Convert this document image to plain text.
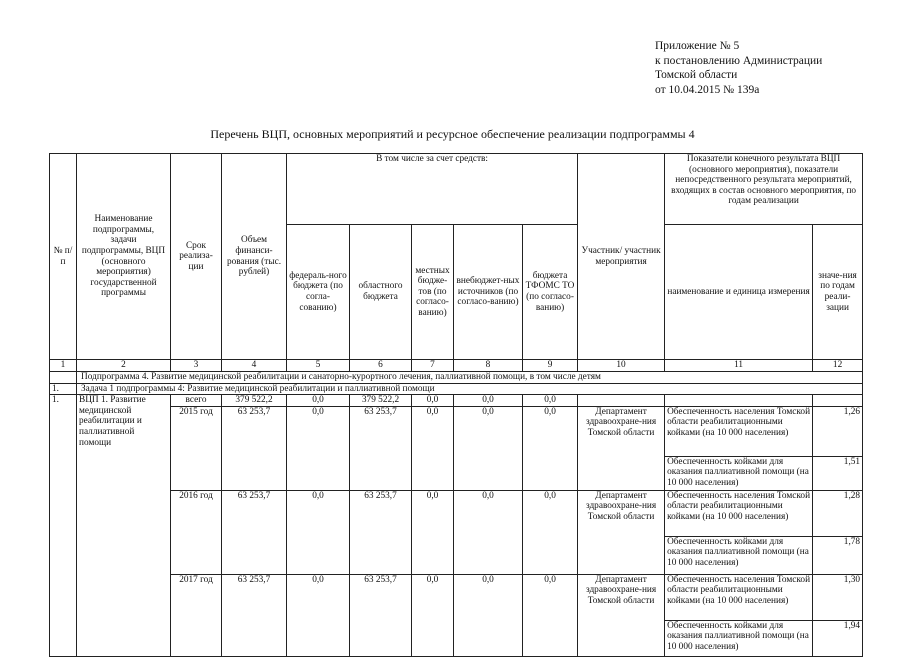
Приложение № 5
к постановлению Администрации
Томской области
от 10.04.2015 № 139а
Перечень ВЦП, основных мероприятий и ресурсное обеспечение реализации подпрограммы 4
№ п/п	Наименование подпрограммы, задачи подпрограммы, ВЦП (основного мероприятия) государственной программы	Срок реализа-ции	Объем финанси-рования (тыс. рублей)	В том числе за счет средств:					Участник/ участник мероприятия	Показатели конечного результата ВЦП (основного мероприятия), показатели непосредственного результата мероприятий, входящих в состав основного мероприятия, по годам реализации	
				федераль-ного бюджета (по согла-сованию)	областного бюджета	местных бюдже-тов (по согласо-ванию)	внебюджет-ных источников (по согласо-ванию)	бюджета ТФОМС ТО (по согласо-ванию)		наименование и единица измерения	значе-ния по годам реали-зации
1	2	3	4	5	6	7	8	9	10	11	12
	Подпрограмма 4. Развитие медицинской реабилитации и санаторно-курортного лечения, паллиативной помощи, в том числе детям										
1.	Задача 1 подпрограммы 4: Развитие медицинской реабилитации и паллиативной помощи										
1.	ВЦП 1. Развитие медицинской реабилитации и паллиативной помощи	всего	379 522,2	0,0	379 522,2	0,0	0,0	0,0			
		2015 год	63 253,7	0,0	63 253,7	0,0	0,0	0,0	Департамент здравоохране-ния Томской области	Обеспеченность населения Томской области реабилитационными койками (на 10 000 населения)	1,26
										Обеспеченность койками для оказания паллиативной помощи (на 10 000 населения)	1,51
		2016 год	63 253,7	0,0	63 253,7	0,0	0,0	0,0	Департамент здравоохране-ния Томской области	Обеспеченность населения Томской области реабилитационными койками (на 10 000 населения)	1,28
										Обеспеченность койками для оказания паллиативной помощи (на 10 000 населения)	1,78
		2017 год	63 253,7	0,0	63 253,7	0,0	0,0	0,0	Департамент здравоохране-ния Томской области	Обеспеченность населения Томской области реабилитационными койками (на 10 000 населения)	1,30
										Обеспеченность койками для оказания паллиативной помощи (на 10 000 населения)	1,94
